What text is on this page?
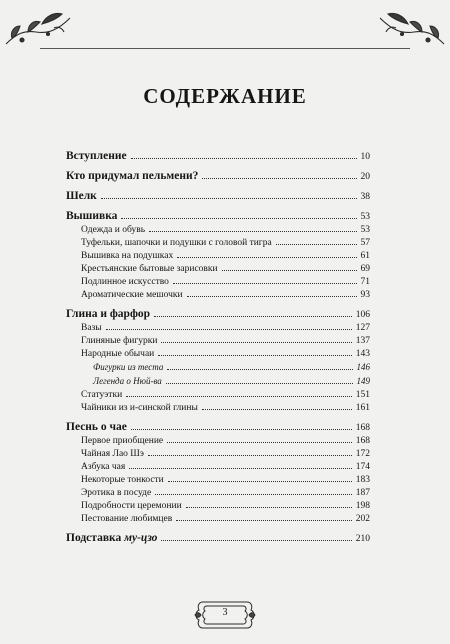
СОДЕРЖАНИЕ
Вступление	10
Кто придумал пельмени?	20
Шелк	38
Вышивка	53
Одежда и обувь	53
Туфельки, шапочки и подушки с головой тигра	57
Вышивка на подушках	61
Крестьянские бытовые зарисовки	69
Подлинное искусство	71
Ароматические мешочки	93
Глина и фарфор	106
Вазы	127
Глиняные фигурки	137
Народные обычаи	143
Фигурки из теста	146
Легенда о Нюй-ва	149
Статуэтки	151
Чайники из и-синской глины	161
Песнь о чае	168
Первое приобщение	168
Чайная Лао Шэ	172
Азбука чая	174
Некоторые тонкости	183
Эротика в посуде	187
Подробности церемонии	198
Пестование любимцев	202
Подставка му-цзо	210
3
